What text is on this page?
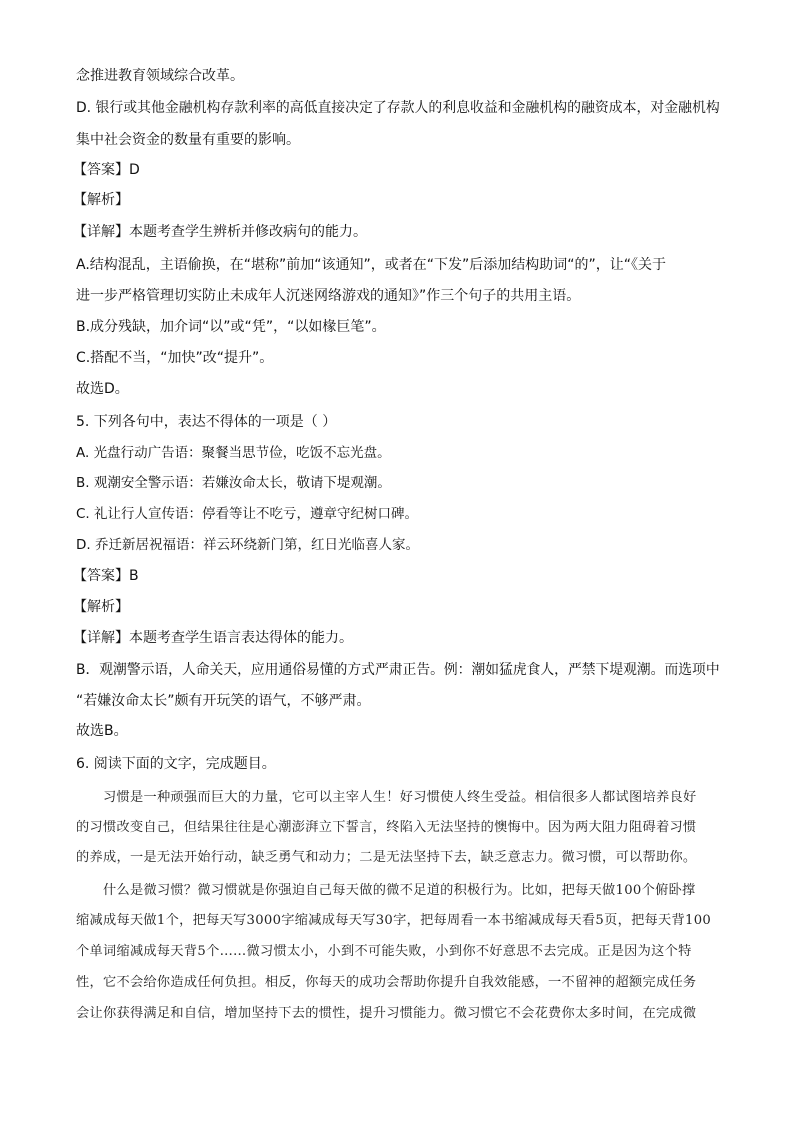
念推进教育领域综合改革。
D. 银行或其他金融机构存款利率的高低直接决定了存款人的利息收益和金融机构的融资成本，对金融机构
集中社会资金的数量有重要的影响。
【答案】D
【解析】
【详解】本题考查学生辨析并修改病句的能力。
A.结构混乱，主语偷换，在“堪称”前加“该通知”，或者在“下发”后添加结构助词“的”，让“《关于
进一步严格管理切实防止未成年人沉迷网络游戏的通知》”作三个句子的共用主语。
B.成分残缺，加介词“以”或“凭”，“以如椽巨笔”。
C.搭配不当，“加快”改“提升”。
故选D。
5. 下列各句中，表达不得体的一项是（ ）
A. 光盘行动广告语：聚餐当思节俭，吃饭不忘光盘。
B. 观潮安全警示语：若嫌汝命太长，敬请下堤观潮。
C. 礼让行人宣传语：停看等让不吃亏，遵章守纪树口碑。
D. 乔迁新居祝福语：祥云环绕新门第，红日光临喜人家。
【答案】B
【解析】
【详解】本题考查学生语言表达得体的能力。
B．观潮警示语，人命关天，应用通俗易懂的方式严肃正告。例：潮如猛虎食人，严禁下堤观潮。而选项中
“若嫌汝命太长”颇有开玩笑的语气，不够严肃。
故选B。
6. 阅读下面的文字，完成题目。
习惯是一种顽强而巨大的力量，它可以主宰人生！好习惯使人终生受益。相信很多人都试图培养良好
的习惯改变自己，但结果往往是心潮澎湃立下誓言，终陷入无法坚持的懊悔中。因为两大阻力阻碍着习惯
的养成，一是无法开始行动，缺乏勇气和动力；二是无法坚持下去，缺乏意志力。微习惯，可以帮助你。
什么是微习惯？微习惯就是你强迫自己每天做的微不足道的积极行为。比如，把每天做100个俯卧撑
缩减成每天做1个，把每天写3000字缩减成每天写30字，把每周看一本书缩减成每天看5页，把每天背100
个单词缩减成每天背5个……微习惯太小，小到不可能失败，小到你不好意思不去完成。正是因为这个特
性，它不会给你造成任何负担。相反，你每天的成功会帮助你提升自我效能感，一不留神的超额完成任务
会让你获得满足和自信，增加坚持下去的惯性，提升习惯能力。微习惯它不会花费你太多时间，在完成微
